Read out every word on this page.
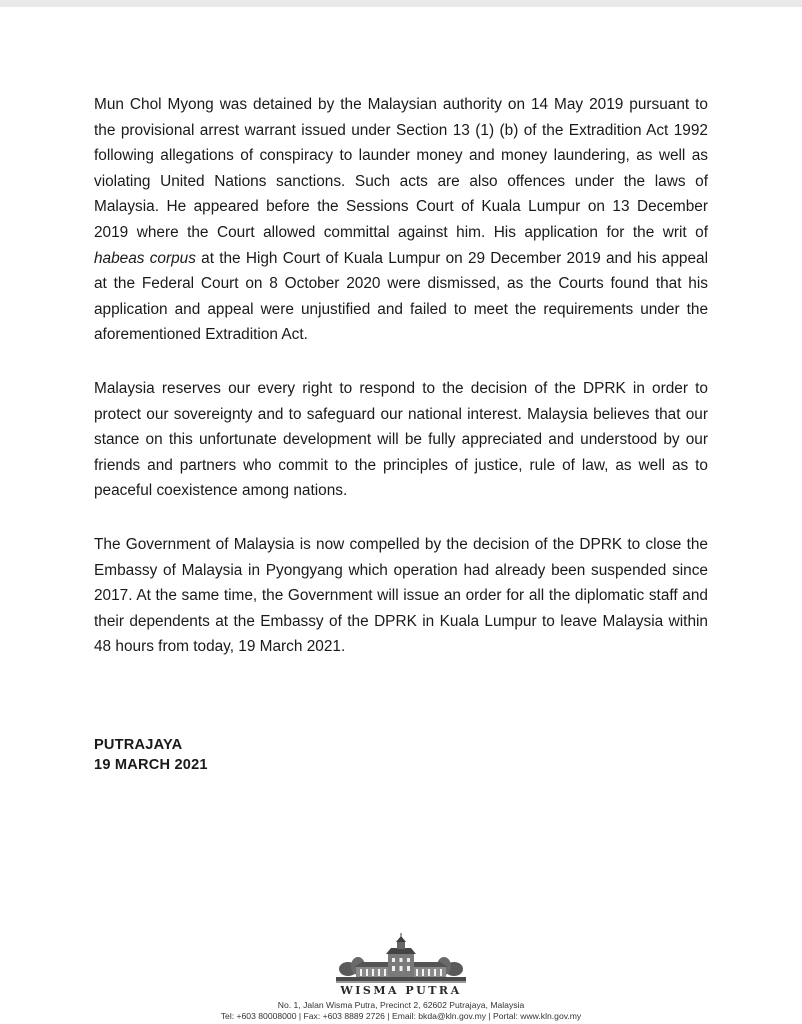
Mun Chol Myong was detained by the Malaysian authority on 14 May 2019 pursuant to the provisional arrest warrant issued under Section 13 (1) (b) of the Extradition Act 1992 following allegations of conspiracy to launder money and money laundering, as well as violating United Nations sanctions. Such acts are also offences under the laws of Malaysia. He appeared before the Sessions Court of Kuala Lumpur on 13 December 2019 where the Court allowed committal against him. His application for the writ of habeas corpus at the High Court of Kuala Lumpur on 29 December 2019 and his appeal at the Federal Court on 8 October 2020 were dismissed, as the Courts found that his application and appeal were unjustified and failed to meet the requirements under the aforementioned Extradition Act.

Malaysia reserves our every right to respond to the decision of the DPRK in order to protect our sovereignty and to safeguard our national interest. Malaysia believes that our stance on this unfortunate development will be fully appreciated and understood by our friends and partners who commit to the principles of justice, rule of law, as well as to peaceful coexistence among nations.

The Government of Malaysia is now compelled by the decision of the DPRK to close the Embassy of Malaysia in Pyongyang which operation had already been suspended since 2017. At the same time, the Government will issue an order for all the diplomatic staff and their dependents at the Embassy of the DPRK in Kuala Lumpur to leave Malaysia within 48 hours from today, 19 March 2021.

PUTRAJAYA
19 MARCH 2021
WISMA PUTRA
No. 1, Jalan Wisma Putra, Precinct 2, 62602 Putrajaya, Malaysia
Tel: +603 80008000 | Fax: +603 8889 2726 | Email: bkda@kln.gov.my | Portal: www.kln.gov.my
